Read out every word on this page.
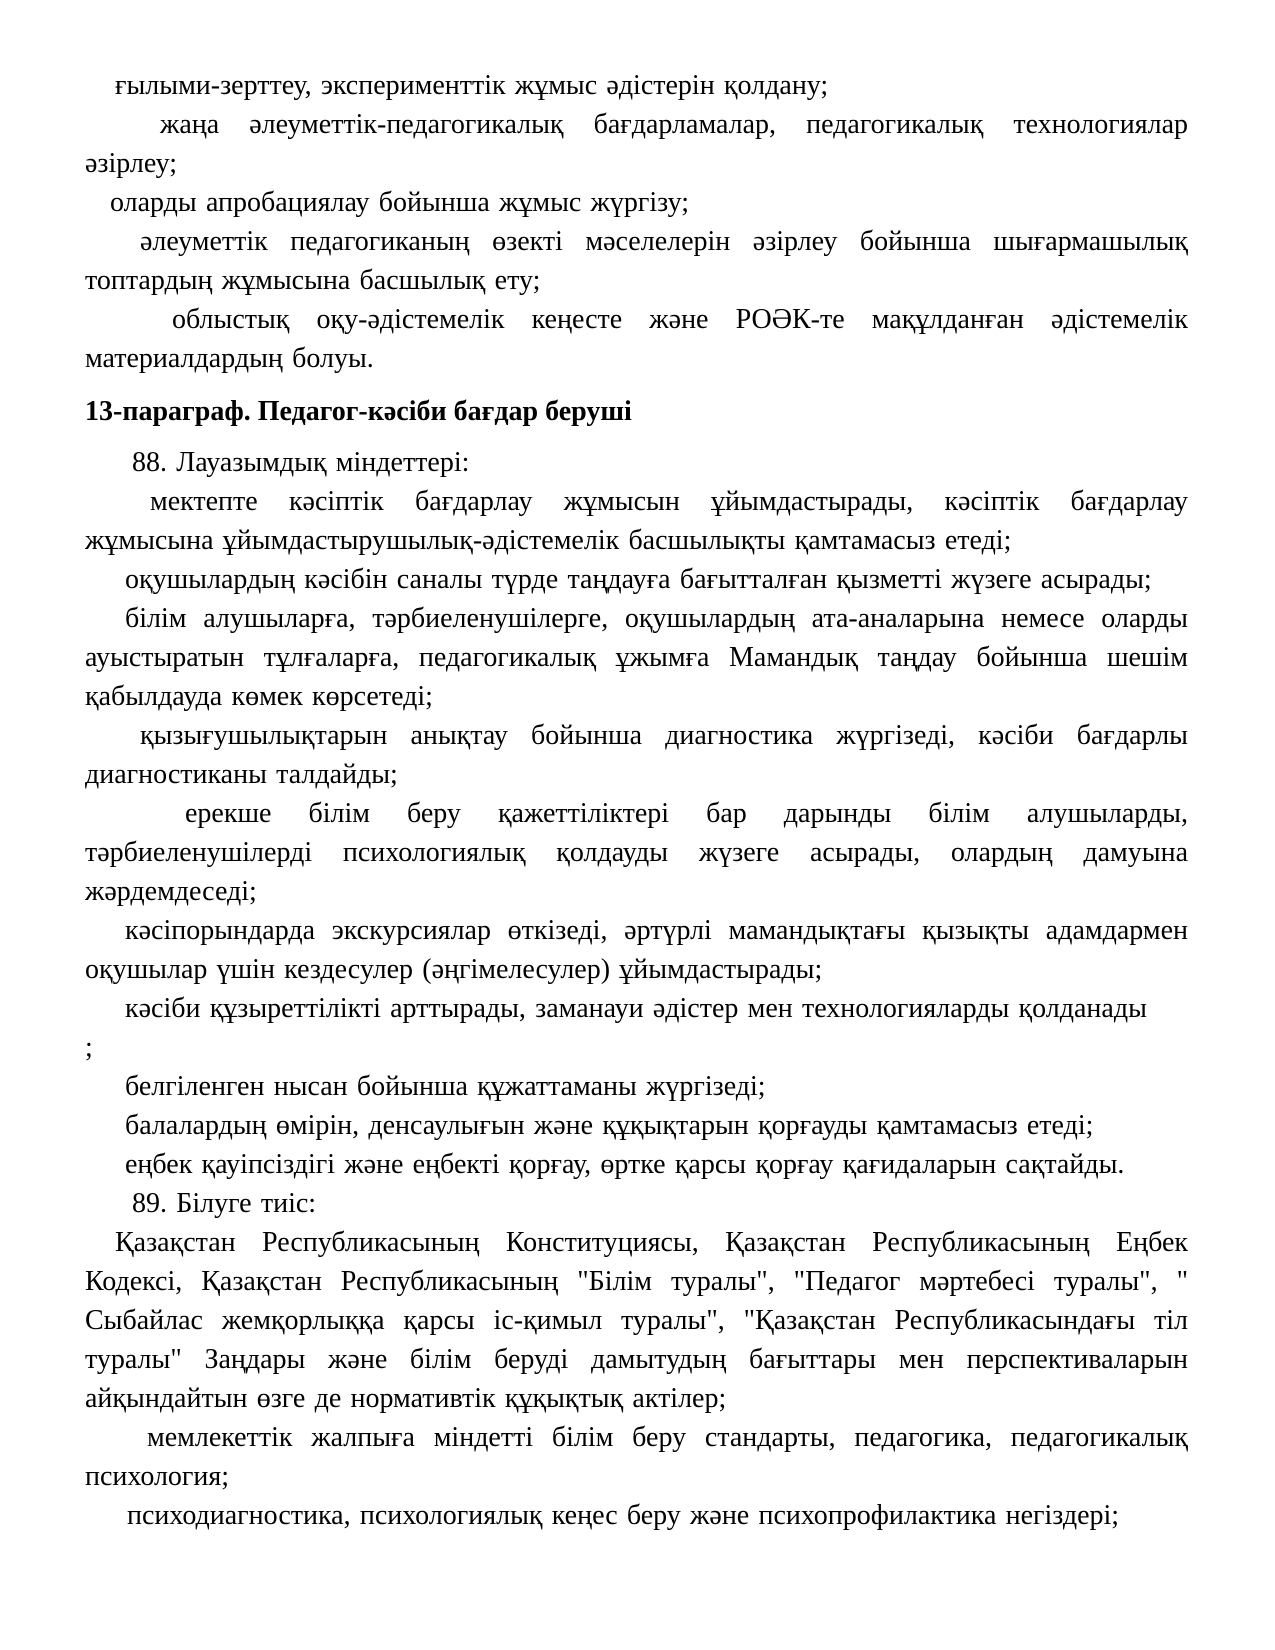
ғылыми-зерттеу, эксперименттік жұмыс әдістерін қолдану;

жаңа әлеуметтік-педагогикалық бағдарламалар, педагогикалық технологиялар әзірлеу;

оларды апробациялау бойынша жұмыс жүргізу;

әлеуметтік педагогиканың өзекті мәселелерін әзірлеу бойынша шығармашылық топтардың жұмысына басшылық ету;

облыстық оқу-әдістемелік кеңесте және РОӘК-те мақұлданған әдістемелік материалдардың болуы.

13-параграф. Педагог-кәсіби бағдар беруші

88. Лауазымдық міндеттері:

мектепте кәсіптік бағдарлау жұмысын ұйымдастырады, кәсіптік бағдарлау жұмысына ұйымдастырушылық-әдістемелік басшылықты қамтамасыз етеді;

оқушылардың кәсібін саналы түрде таңдауға бағытталған қызметті жүзеге асырады;

білім алушыларға, тәрбиеленушілерге, оқушылардың ата-аналарына немесе оларды ауыстыратын тұлғаларға, педагогикалық ұжымға Мамандық таңдау бойынша шешім қабылдауда көмек көрсетеді;

қызығушылықтарын анықтау бойынша диагностика жүргізеді, кәсіби бағдарлы диагностиканы талдайды;

ерекше білім беру қажеттіліктері бар дарынды білім алушыларды, тәрбиеленушілерді психологиялық қолдауды жүзеге асырады, олардың дамуына жәрдемдеседі;

кәсіпорындарда экскурсиялар өткізеді, әртүрлі мамандықтағы қызықты адамдармен оқушылар үшін кездесулер (әңгімелесулер) ұйымдастырады;

кәсіби құзыреттілікті арттырады, заманауи әдістер мен технологияларды қолданады

;

белгіленген нысан бойынша құжаттаманы жүргізеді;

балалардың өмірін, денсаулығын және құқықтарын қорғауды қамтамасыз етеді;

еңбек қауіпсіздігі және еңбекті қорғау, өртке қарсы қорғау қағидаларын сақтайды.

89. Білуге тиіс:

Қазақстан Республикасының Конституциясы, Қазақстан Республикасының Еңбек Кодексі, Қазақстан Республикасының "Білім туралы", "Педагог мәртебесі туралы", " Сыбайлас жемқорлыққа қарсы іс-қимыл туралы", "Қазақстан Республикасындағы тіл туралы" Заңдары және білім беруді дамытудың бағыттары мен перспективаларын айқындайтын өзге де нормативтік құқықтық актілер;

мемлекеттік жалпыға міндетті білім беру стандарты, педагогика, педагогикалық психология;

психодиагностика, психологиялық кеңес беру және психопрофилактика негіздері;
